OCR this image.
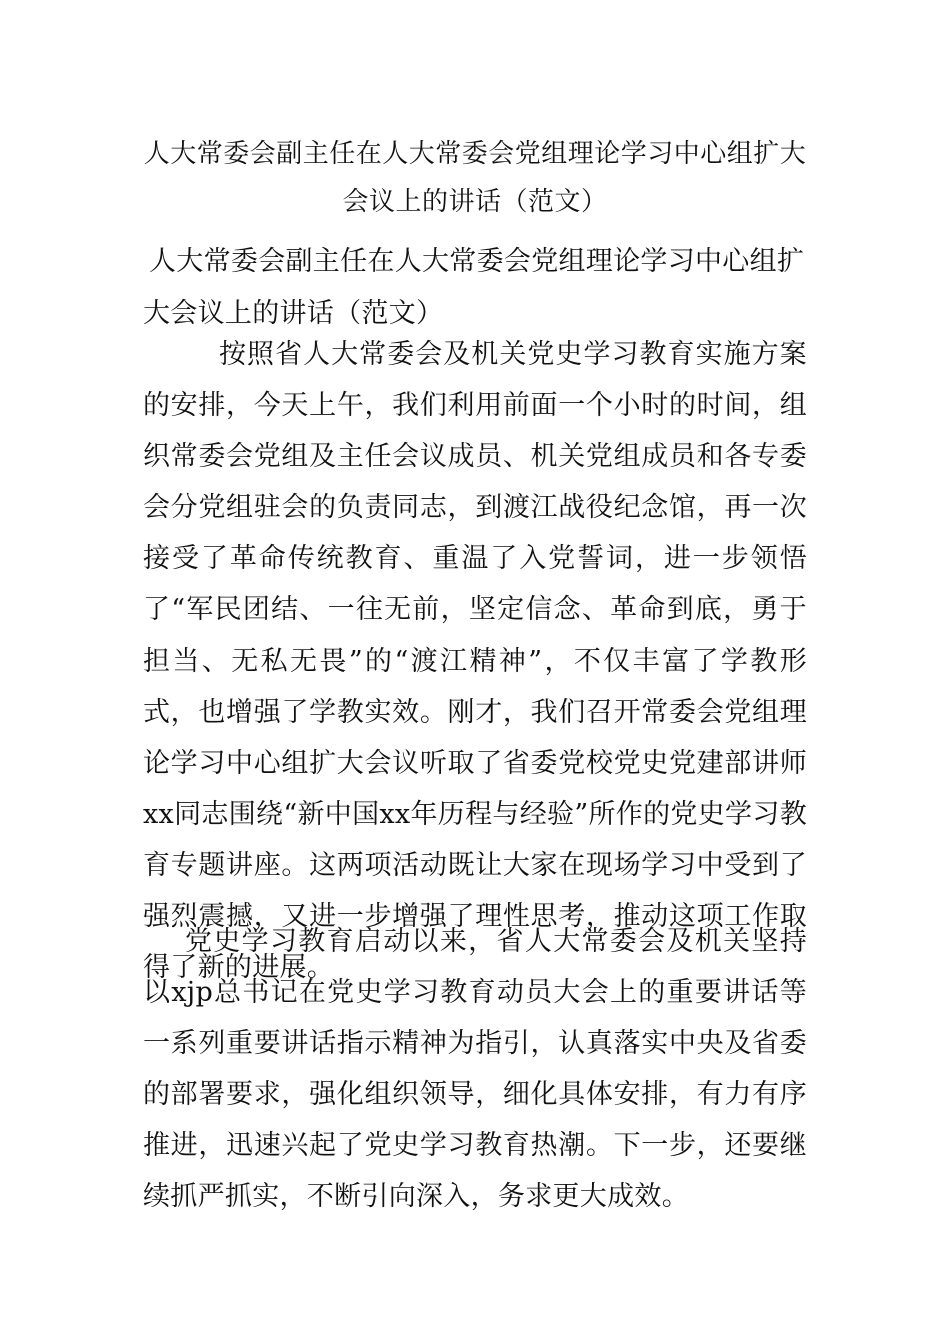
人大常委会副主任在人大常委会党组理论学习中心组扩大会议上的讲话（范文）

人大常委会副主任在人大常委会党组理论学习中心组扩大会议上的讲话（范文）

按照省人大常委会及机关党史学习教育实施方案的安排，今天上午，我们利用前面一个小时的时间，组织常委会党组及主任会议成员、机关党组成员和各专委会分党组驻会的负责同志，到渡江战役纪念馆，再一次接受了革命传统教育、重温了入党誓词，进一步领悟了“军民团结、一往无前，坚定信念、革命到底，勇于担当、无私无畏”的“渡江精神”，不仅丰富了学教形式，也增强了学教实效。刚才，我们召开常委会党组理论学习中心组扩大会议听取了省委党校党史党建部讲师xx同志围绕“新中国xx年历程与经验”所作的党史学习教育专题讲座。这两项活动既让大家在现场学习中受到了强烈震撼，又进一步增强了理性思考，推动这项工作取得了新的进展。

党史学习教育启动以来，省人大常委会及机关坚持以xjp总书记在党史学习教育动员大会上的重要讲话等一系列重要讲话指示精神为指引，认真落实中央及省委的部署要求，强化组织领导，细化具体安排，有力有序推进，迅速兴起了党史学习教育热潮。下一步，还要继续抓严抓实，不断引向深入，务求更大成效。
